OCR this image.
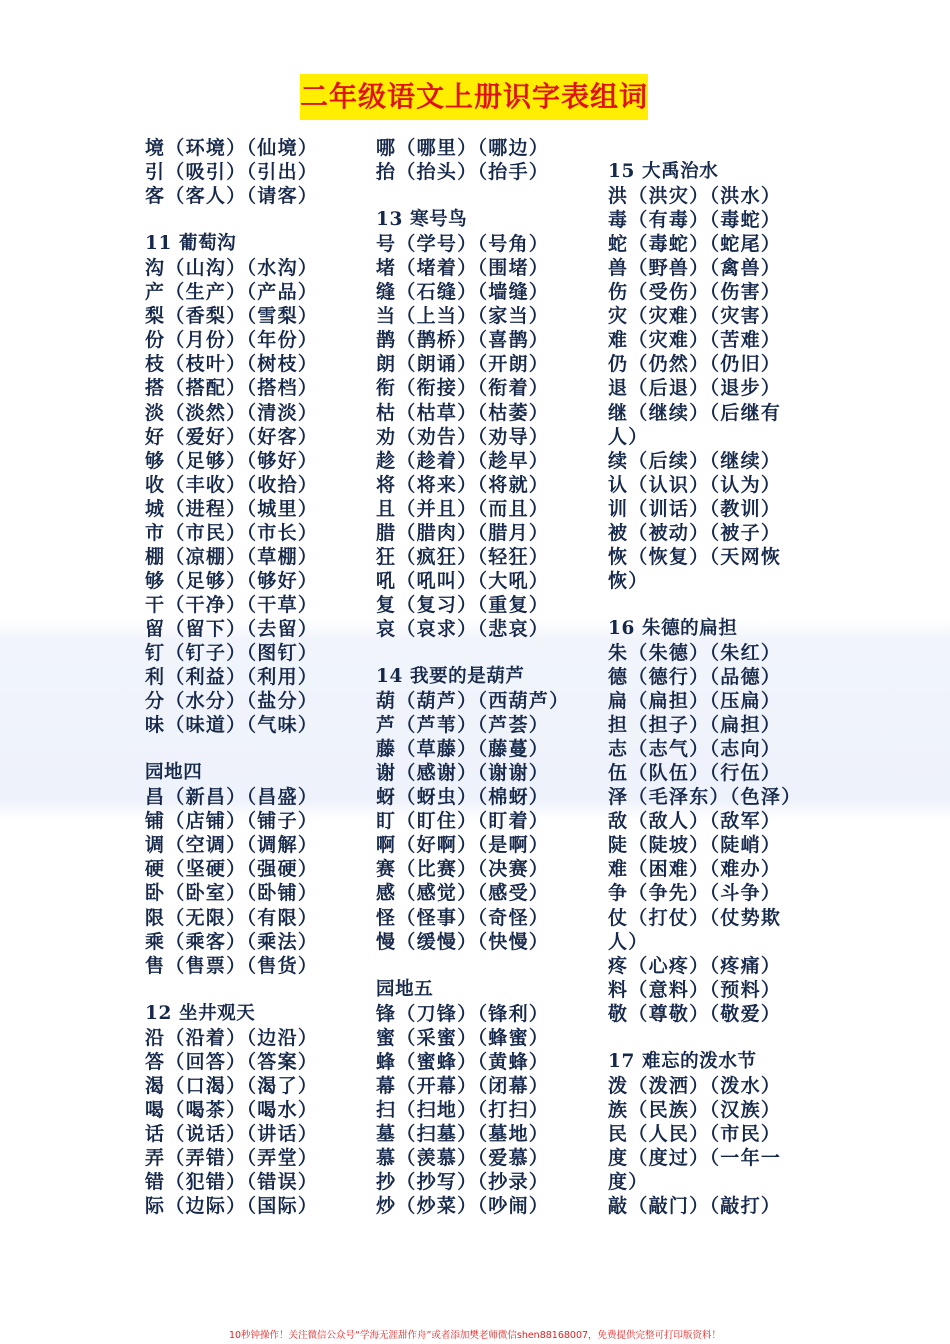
二年级语文上册识字表组词
境（环境）（仙境）
引（吸引）（引出）
客（客人）（请客）
11 葡萄沟
沟（山沟）（水沟）
产（生产）（产品）
梨（香梨）（雪梨）
份（月份）（年份）
枝（枝叶）（树枝）
搭（搭配）（搭档）
淡（淡然）（清淡）
好（爱好）（好客）
够（足够）（够好）
收（丰收）（收拾）
城（进程）（城里）
市（市民）（市长）
棚（凉棚）（草棚）
够（足够）（够好）
干（干净）（干草）
留（留下）（去留）
钉（钉子）（图钉）
利（利益）（利用）
分（水分）（盐分）
味（味道）（气味）
园地四
昌（新昌）（昌盛）
铺（店铺）（铺子）
调（空调）（调解）
硬（坚硬）（强硬）
卧（卧室）（卧铺）
限（无限）（有限）
乘（乘客）（乘法）
售（售票）（售货）
12 坐井观天
沿（沿着）（边沿）
答（回答）（答案）
渴（口渴）（渴了）
喝（喝茶）（喝水）
话（说话）（讲话）
弄（弄错）（弄堂）
错（犯错）（错误）
际（边际）（国际）
哪（哪里）（哪边）
抬（抬头）（抬手）
13 寒号鸟
号（学号）（号角）
堵（堵着）（围堵）
缝（石缝）（墙缝）
当（上当）（家当）
鹊（鹊桥）（喜鹊）
朗（朗诵）（开朗）
衔（衔接）（衔着）
枯（枯草）（枯萎）
劝（劝告）（劝导）
趁（趁着）（趁早）
将（将来）（将就）
且（并且）（而且）
腊（腊肉）（腊月）
狂（疯狂）（轻狂）
吼（吼叫）（大吼）
复（复习）（重复）
哀（哀求）（悲哀）
14 我要的是葫芦
葫（葫芦）（西葫芦）
芦（芦苇）（芦荟）
藤（草藤）（藤蔓）
谢（感谢）（谢谢）
蚜（蚜虫）（棉蚜）
盯（盯住）（盯着）
啊（好啊）（是啊）
赛（比赛）（决赛）
感（感觉）（感受）
怪（怪事）（奇怪）
慢（缓慢）（快慢）
园地五
锋（刀锋）（锋利）
蜜（采蜜）（蜂蜜）
蜂（蜜蜂）（黄蜂）
幕（开幕）（闭幕）
扫（扫地）（打扫）
墓（扫墓）（墓地）
慕（羡慕）（爱慕）
抄（抄写）（抄录）
炒（炒菜）（吵闹）
15 大禹治水
洪（洪灾）（洪水）
毒（有毒）（毒蛇）
蛇（毒蛇）（蛇尾）
兽（野兽）（禽兽）
伤（受伤）（伤害）
灾（灾难）（灾害）
难（灾难）（苦难）
仍（仍然）（仍旧）
退（后退）（退步）
继（继续）（后继有
人）
续（后续）（继续）
认（认识）（认为）
训（训话）（教训）
被（被动）（被子）
恢（恢复）（天网恢
恢）
16 朱德的扁担
朱（朱德）（朱红）
德（德行）（品德）
扁（扁担）（压扁）
担（担子）（扁担）
志（志气）（志向）
伍（队伍）（行伍）
泽（毛泽东）（色泽）
敌（敌人）（敌军）
陡（陡坡）（陡峭）
难（困难）（难办）
争（争先）（斗争）
仗（打仗）（仗势欺
人）
疼（心疼）（疼痛）
料（意料）（预料）
敬（尊敬）（敬爱）
17 难忘的泼水节
泼（泼洒）（泼水）
族（民族）（汉族）
民（人民）（市民）
度（度过）（一年一
度）
敲（敲门）（敲打）
10秒钟操作！关注微信公众号“学海无涯甜作舟”或者添加樊老师微信shen88168007，免费提供完整可打印版资料！
